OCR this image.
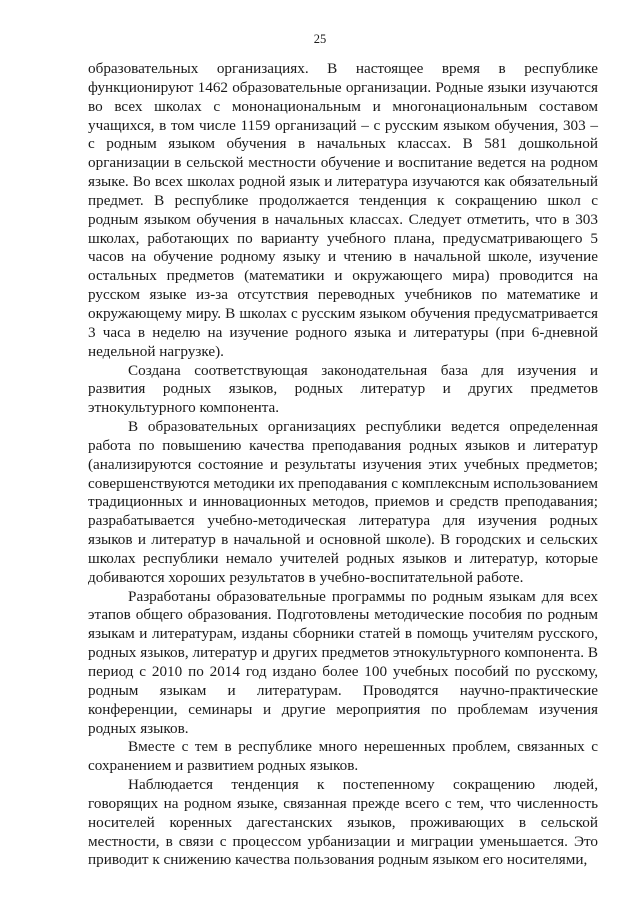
25

образовательных организациях. В настоящее время в республике функционируют 1462 образовательные организации. Родные языки изучаются во всех школах с мононациональным и многонациональным составом учащихся, в том числе 1159 организаций – с русским языком обучения, 303 – с родным языком обучения в начальных классах. В 581 дошкольной организации в сельской местности обучение и воспитание ведется на родном языке. Во всех школах родной язык и литература изучаются как обязательный предмет. В республике продолжается тенденция к сокращению школ с родным языком обучения в начальных классах. Следует отметить, что в 303 школах, работающих по варианту учебного плана, предусматривающего 5 часов на обучение родному языку и чтению в начальной школе, изучение остальных предметов (математики и окружающего мира) проводится на русском языке из-за отсутствия переводных учебников по математике и окружающему миру. В школах с русским языком обучения предусматривается 3 часа в неделю на изучение родного языка и литературы (при 6-дневной недельной нагрузке).

Создана соответствующая законодательная база для изучения и развития родных языков, родных литератур и других предметов этнокультурного компонента.

В образовательных организациях республики ведется определенная работа по повышению качества преподавания родных языков и литератур (анализируются состояние и результаты изучения этих учебных предметов; совершенствуются методики их преподавания с комплексным использованием традиционных и инновационных методов, приемов и средств преподавания; разрабатывается учебно-методическая литература для изучения родных языков и литератур в начальной и основной школе). В городских и сельских школах республики немало учителей родных языков и литератур, которые добиваются хороших результатов в учебно-воспитательной работе.

Разработаны образовательные программы по родным языкам для всех этапов общего образования. Подготовлены методические пособия по родным языкам и литературам, изданы сборники статей в помощь учителям русского, родных языков, литератур и других предметов этнокультурного компонента. В период с 2010 по 2014 год издано более 100 учебных пособий по русскому, родным языкам и литературам. Проводятся научно-практические конференции, семинары и другие мероприятия по проблемам изучения родных языков.

Вместе с тем в республике много нерешенных проблем, связанных с сохранением и развитием родных языков.

Наблюдается тенденция к постепенному сокращению людей, говорящих на родном языке, связанная прежде всего с тем, что численность носителей коренных дагестанских языков, проживающих в сельской местности, в связи с процессом урбанизации и миграции уменьшается. Это приводит к снижению качества пользования родным языком его носителями,
